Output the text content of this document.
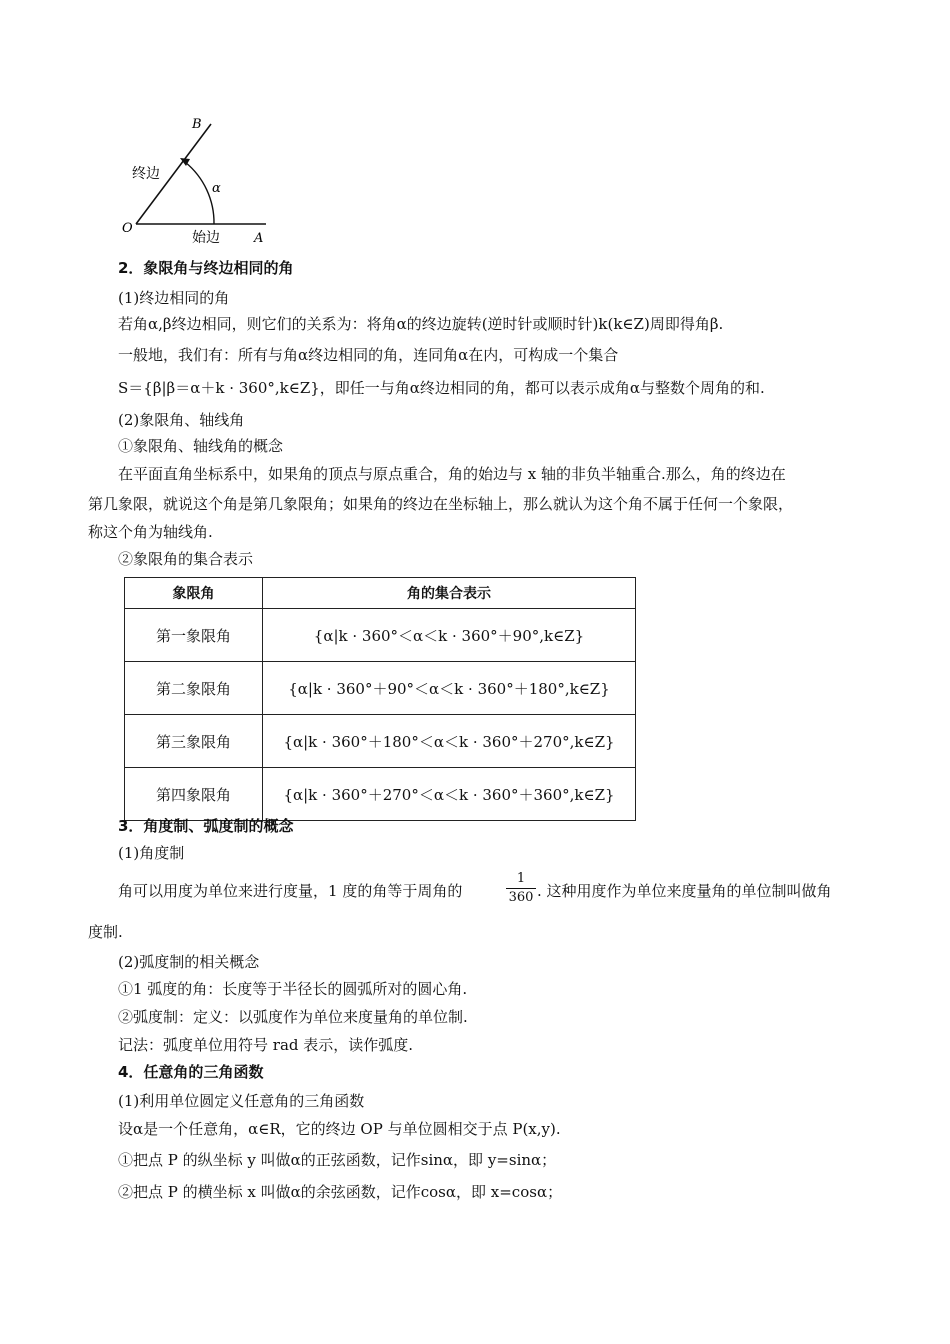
B
终边
α
O
始边	A
2．象限角与终边相同的角
(1)终边相同的角
若角α,β终边相同，则它们的关系为：将角α的终边旋转(逆时针或顺时针)k(k∈Z)周即得角β.
一般地，我们有：所有与角α终边相同的角，连同角α在内，可构成一个集合
S＝{β|β＝α＋k · 360°,k∈Z}，即任一与角α终边相同的角，都可以表示成角α与整数个周角的和.
(2)象限角、轴线角
①象限角、轴线角的概念
在平面直角坐标系中，如果角的顶点与原点重合，角的始边与 x 轴的非负半轴重合.那么，角的终边在
第几象限，就说这个角是第几象限角；如果角的终边在坐标轴上，那么就认为这个角不属于任何一个象限，
称这个角为轴线角.
②象限角的集合表示
象限角	角的集合表示
第一象限角	{α|k · 360°＜α＜k · 360°＋90°,k∈Z}
第二象限角	{α|k · 360°＋90°＜α＜k · 360°＋180°,k∈Z}
第三象限角	{α|k · 360°＋180°＜α＜k · 360°＋270°,k∈Z}
第四象限角	{α|k · 360°＋270°＜α＜k · 360°＋360°,k∈Z}
3．角度制、弧度制的概念
(1)角度制
角可以用度为单位来进行度量，1 度的角等于周角的	$\frac{1}{360}$ . 这种用度作为单位来度量角的单位制叫做角
度制.
(2)弧度制的相关概念
①1 弧度的角：长度等于半径长的圆弧所对的圆心角.
②弧度制：定义：以弧度作为单位来度量角的单位制.
记法：弧度单位用符号 rad 表示，读作弧度.
4．任意角的三角函数
(1)利用单位圆定义任意角的三角函数
设α是一个任意角，α∈R，它的终边 OP 与单位圆相交于点 P(x,y).
①把点 P 的纵坐标 y 叫做α的正弦函数，记作sinα，即 y=sinα；
②把点 P 的横坐标 x 叫做α的余弦函数，记作cosα，即 x=cosα；
